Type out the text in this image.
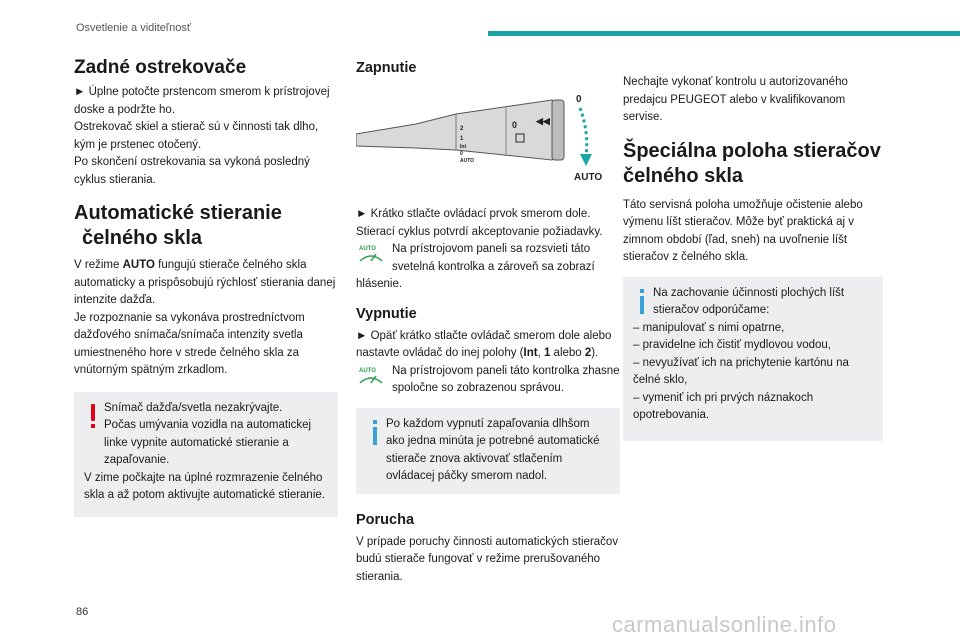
Osvetlenie a viditeľnosť
Zadné ostrekovače

► Úplne potočte prstencom smerom k prístrojovej doske a podržte ho.

Ostrekovač skiel a stierač sú v činnosti tak dlho, kým je prstenec otočený.

Po skončení ostrekovania sa vykoná posledný cyklus stierania.

Automatické stieranie
čelného skla

V režime AUTO fungujú stierače čelného skla automaticky a prispôsobujú rýchlosť stierania danej intenzite dažďa.

Je rozpoznanie sa vykonáva prostredníctvom dažďového snímača/snímača intenzity svetla umiestneného hore v strede čelného skla za vnútorným spätným zrkadlom.

Snímač dažďa/svetla nezakrývajte.

Počas umývania vozidla na automatickej linke vypnite automatické stieranie a zapaľovanie.

V zime počkajte na úplné rozmrazenie čelného skla a až potom aktivujte automatické stieranie.

Zapnutie
2
1
Int
0
AUTO
0 ◀◀
0
AUTO

► Krátko stlačte ovládací prvok smerom dole.

Stierací cyklus potvrdí akceptovanie požiadavky.

AUTO	Na prístrojovom paneli sa rozsvieti táto svetelná kontrolka a zároveň sa zobrazí hlásenie.

Vypnutie

► Opäť krátko stlačte ovládač smerom dole alebo nastavte ovládač do inej polohy (Int, 1 alebo 2).

AUTO	Na prístrojovom paneli táto kontrolka zhasne spoločne so zobrazenou správou.

Po každom vypnutí zapaľovania dlhšom ako jedna minúta je potrebné automatické stierače znova aktivovať stlačením ovládacej páčky smerom nadol.

Porucha

V prípade poruchy činnosti automatických stieračov budú stierače fungovať v režime prerušovaného stierania.

Nechajte vykonať kontrolu u autorizovaného predajcu PEUGEOT alebo v kvalifikovanom servise.

Špeciálna poloha stieračov
čelného skla

Táto servisná poloha umožňuje očistenie alebo výmenu líšt stieračov. Môže byť praktická aj v zimnom období (ľad, sneh) na uvoľnenie líšt stieračov z čelného skla.

Na zachovanie účinnosti plochých líšt stieračov odporúčame:

– manipulovať s nimi opatrne,

– pravidelne ich čistiť mydlovou vodou,

– nevyužívať ich na prichytenie kartónu na čelné sklo,

– vymeniť ich pri prvých náznakoch opotrebovania.

86	carmanualsonline.info
